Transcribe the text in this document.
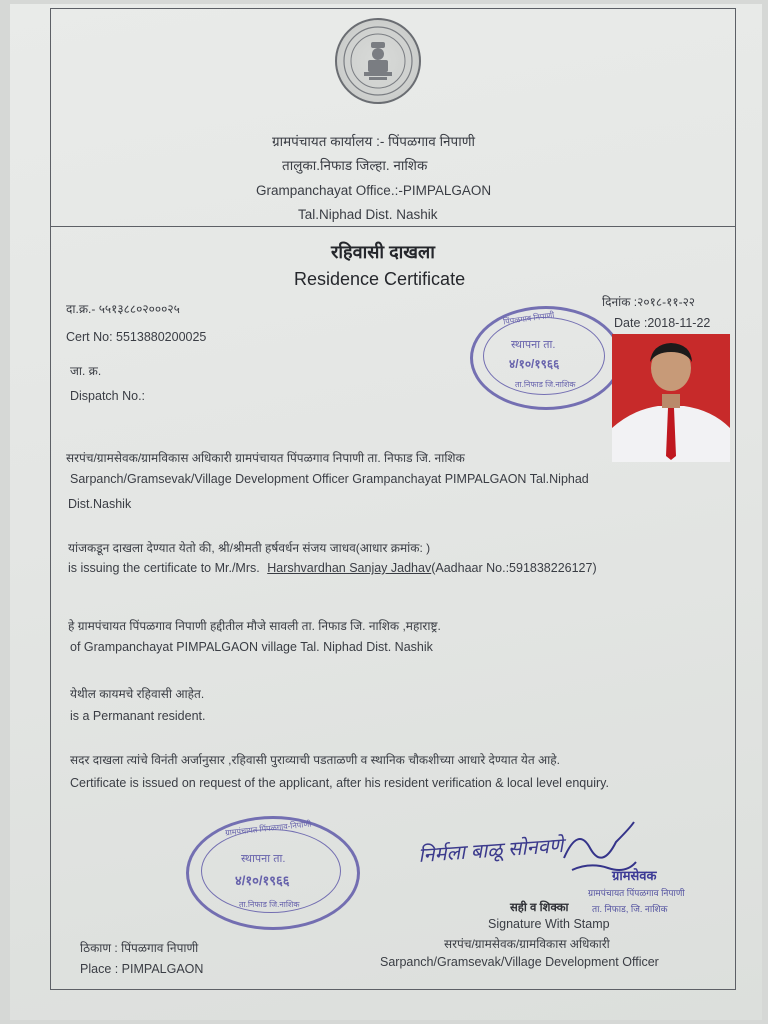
ग्रामपंचायत कार्यालय :- पिंपळगाव निपाणी
तालुका.निफाड जिल्हा. नाशिक
Grampanchayat Office.:-PIMPALGAON
Tal.Niphad Dist. Nashik
रहिवासी दाखला
Residence Certificate
दा.क्र.- ५५१३८८०२०००२५
Cert No: 5513880200025
जा. क्र.
Dispatch No.:
दिनांक :२०१८-११-२२
Date :2018-11-22
पिंपळगाव निपाणी
स्थापना ता.
४/१०/१९६६
ता.निफाड जि.नाशिक
सरपंच/ग्रामसेवक/ग्रामविकास अधिकारी ग्रामपंचायत पिंपळगाव निपाणी ता. निफाड जि. नाशिक
Sarpanch/Gramsevak/Village Development Officer Grampanchayat PIMPALGAON Tal.Niphad
Dist.Nashik
यांजकडून दाखला देण्यात येतो की, श्री/श्रीमती हर्षवर्धन संजय जाधव(आधार क्रमांक: )
is issuing the certificate to Mr./Mrs. Harshvardhan Sanjay Jadhav(Aadhaar No.:591838226127)
हे ग्रामपंचायत पिंपळगाव निपाणी हद्दीतील मौजे सावली ता. निफाड जि. नाशिक ,महाराष्ट्र.
of Grampanchayat PIMPALGAON village Tal. Niphad Dist. Nashik
येथील कायमचे रहिवासी आहेत.
is a Permanant resident.
सदर दाखला त्यांचे विनंती अर्जानुसार ,रहिवासी पुराव्याची पडताळणी व स्थानिक चौकशीच्या आधारे देण्यात येत आहे.
Certificate is issued on request of the applicant, after his resident verification & local level enquiry.
ग्रामपंचायत पिंपळगाव-निपाणी
स्थापना ता.
४/१०/१९६६
ता.निफाड जि.नाशिक
निर्मला बाळू सोनवणे
ग्रामसेवक
ग्रामपंचायत पिंपळगाव निपाणी
ता. निफाड, जि. नाशिक
सही व शिक्का
Signature With Stamp
सरपंच/ग्रामसेवक/ग्रामविकास अधिकारी
Sarpanch/Gramsevak/Village Development Officer
ठिकाण : पिंपळगाव निपाणी
Place : PIMPALGAON
